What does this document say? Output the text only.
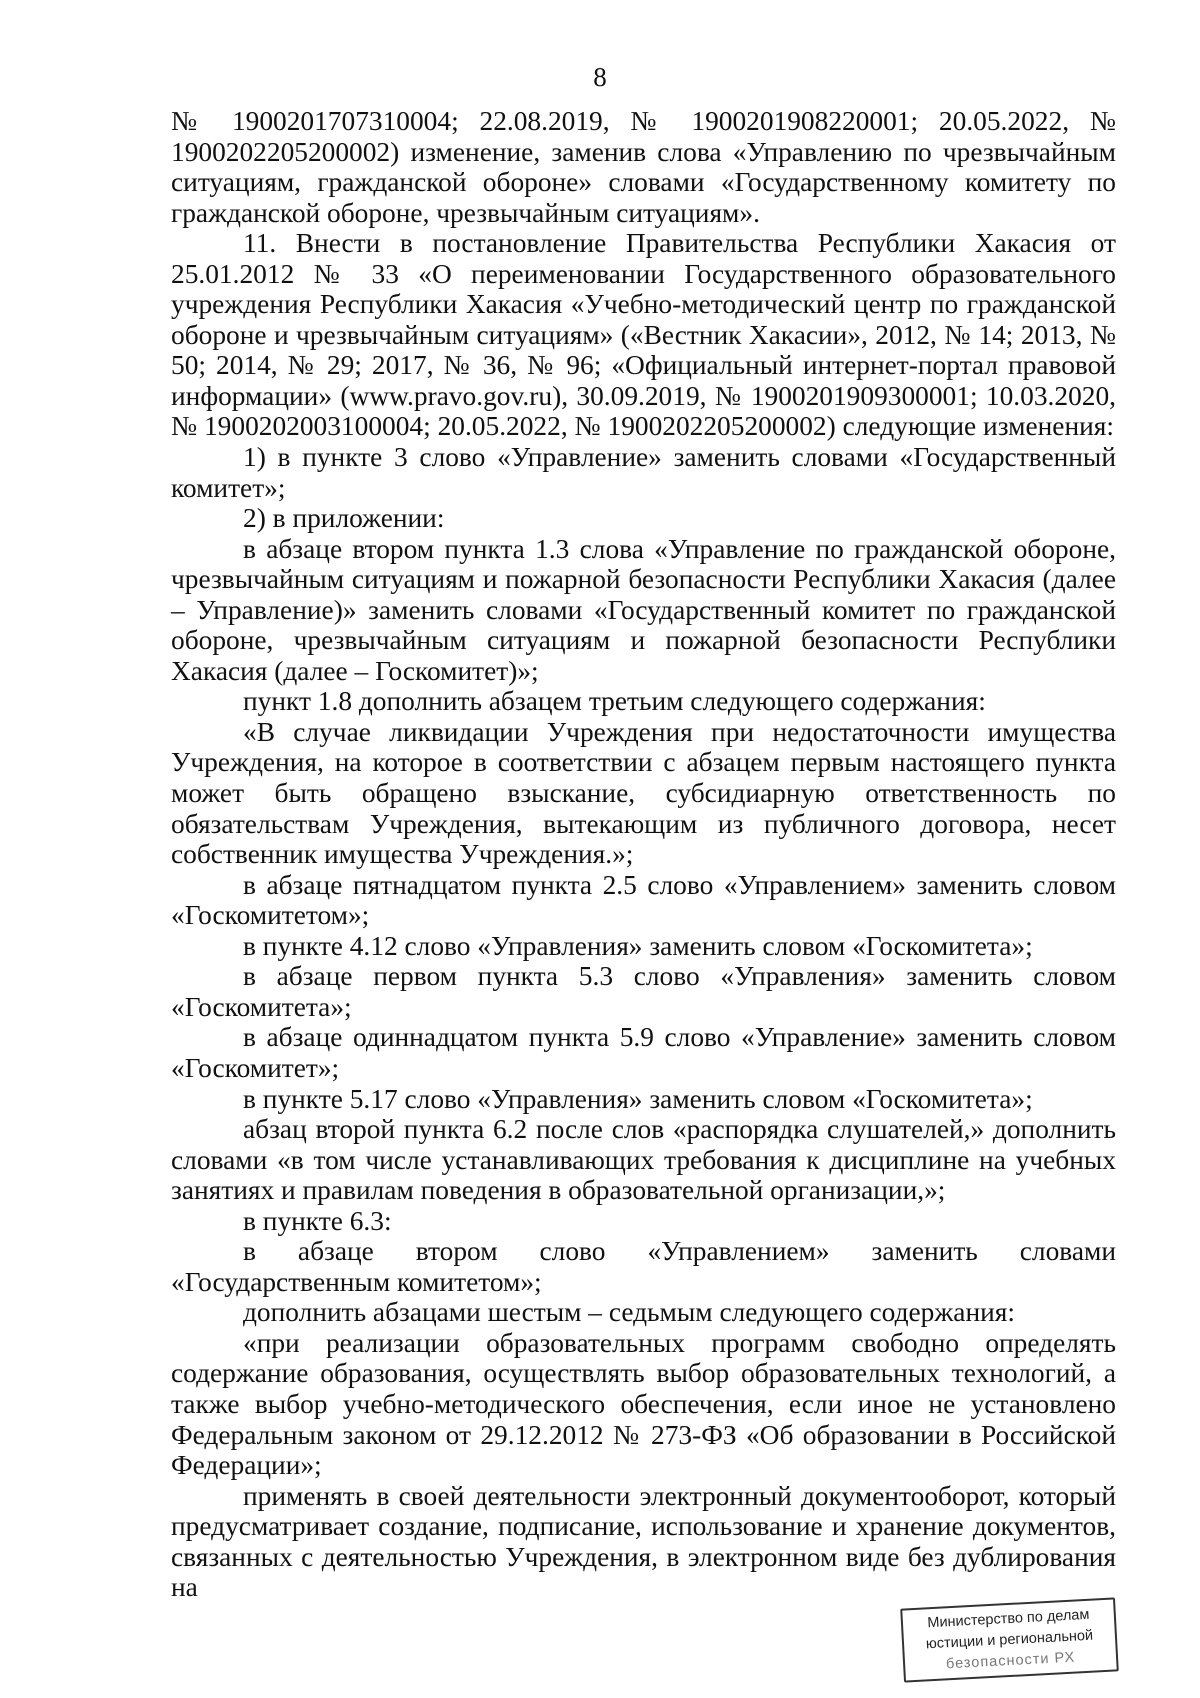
8

№ 1900201707310004; 22.08.2019, № 1900201908220001; 20.05.2022, № 1900202205200002) изменение, заменив слова «Управлению по чрезвычайным ситуациям, гражданской обороне» словами «Государственному комитету по гражданской обороне, чрезвычайным ситуациям».

11. Внести в постановление Правительства Республики Хакасия от 25.01.2012 № 33 «О переименовании Государственного образовательного учреждения Республики Хакасия «Учебно-методический центр по гражданской обороне и чрезвычайным ситуациям» («Вестник Хакасии», 2012, № 14; 2013, № 50; 2014, № 29; 2017, № 36, № 96; «Официальный интернет-портал правовой информации» (www.pravo.gov.ru), 30.09.2019, № 1900201909300001; 10.03.2020, № 1900202003100004; 20.05.2022, № 1900202205200002) следующие изменения:

1) в пункте 3 слово «Управление» заменить словами «Государственный комитет»;

2) в приложении:

в абзаце втором пункта 1.3 слова «Управление по гражданской обороне, чрезвычайным ситуациям и пожарной безопасности Республики Хакасия (далее – Управление)» заменить словами «Государственный комитет по гражданской обороне, чрезвычайным ситуациям и пожарной безопасности Республики Хакасия (далее – Госкомитет)»;

пункт 1.8 дополнить абзацем третьим следующего содержания:

«В случае ликвидации Учреждения при недостаточности имущества Учреждения, на которое в соответствии с абзацем первым настоящего пункта может быть обращено взыскание, субсидиарную ответственность по обязательствам Учреждения, вытекающим из публичного договора, несет собственник имущества Учреждения.»;

в абзаце пятнадцатом пункта 2.5 слово «Управлением» заменить словом «Госкомитетом»;

в пункте 4.12 слово «Управления» заменить словом «Госкомитета»;

в абзаце первом пункта 5.3 слово «Управления» заменить словом «Госкомитета»;

в абзаце одиннадцатом пункта 5.9 слово «Управление» заменить словом «Госкомитет»;

в пункте 5.17 слово «Управления» заменить словом «Госкомитета»;

абзац второй пункта 6.2 после слов «распорядка слушателей,» дополнить словами «в том числе устанавливающих требования к дисциплине на учебных занятиях и правилам поведения в образовательной организации,»;

в пункте 6.3:

в абзаце втором слово «Управлением» заменить словами «Государственным комитетом»;

дополнить абзацами шестым – седьмым следующего содержания:

«при реализации образовательных программ свободно определять содержание образования, осуществлять выбор образовательных технологий, а также выбор учебно-методического обеспечения, если иное не установлено Федеральным законом от 29.12.2012 № 273-ФЗ «Об образовании в Российской Федерации»;

применять в своей деятельности электронный документооборот, который предусматривает создание, подписание, использование и хранение документов, связанных с деятельностью Учреждения, в электронном виде без дублирования на

Министерство по делам
юстиции и региональной
безопасности РХ
